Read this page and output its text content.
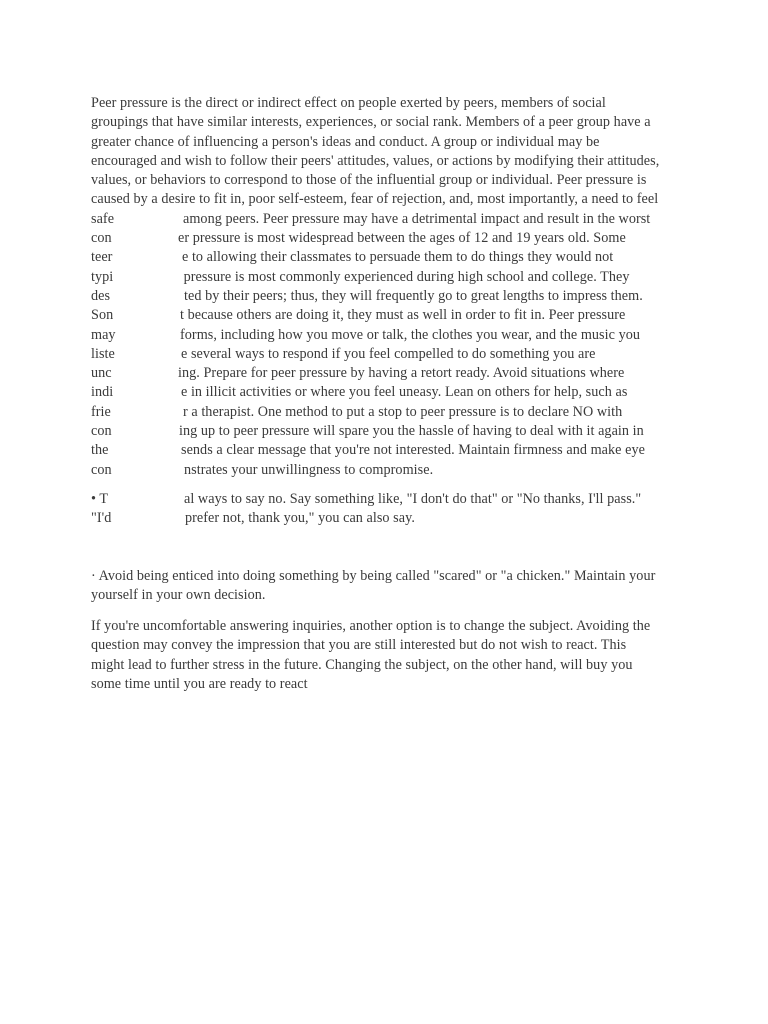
Peer pressure is the direct or indirect effect on people exerted by peers, members of social
groupings that have similar interests, experiences, or social rank. Members of a peer group have a
greater chance of influencing a person's ideas and conduct. A group or individual may be
encouraged and wish to follow their peers' attitudes, values, or actions by modifying their attitudes,
values, or behaviors to correspond to those of the influential group or individual. Peer pressure is
caused by a desire to fit in, poor self-esteem, fear of rejection, and, most importantly, a need to feel
safe	among peers. Peer pressure may have a detrimental impact and result in the worst
con	er pressure is most widespread between the ages of 12 and 19 years old. Some
teer	e to allowing their classmates to persuade them to do things they would not
typi	pressure is most commonly experienced during high school and college. They
des	ted by their peers; thus, they will frequently go to great lengths to impress them.
Son	t because others are doing it, they must as well in order to fit in. Peer pressure
may	forms, including how you move or talk, the clothes you wear, and the music you
liste	e several ways to respond if you feel compelled to do something you are
unc	ing. Prepare for peer pressure by having a retort ready. Avoid situations where
indi	e in illicit activities or where you feel uneasy. Lean on others for help, such as
frie	r a therapist. One method to put a stop to peer pressure is to declare NO with
con	ing up to peer pressure will spare you the hassle of having to deal with it again in
the	sends a clear message that you're not interested. Maintain firmness and make eye
con	nstrates your unwillingness to compromise.
• T	al ways to say no. Say something like, "I don't do that" or "No thanks, I'll pass."
"I'd	prefer not, thank you," you can also say.
· Avoid being enticed into doing something by being called "scared" or "a chicken." Maintain your
yourself in your own decision.
If you're uncomfortable answering inquiries, another option is to change the subject. Avoiding the
question may convey the impression that you are still interested but do not wish to react. This
might lead to further stress in the future. Changing the subject, on the other hand, will buy you
some time until you are ready to react
